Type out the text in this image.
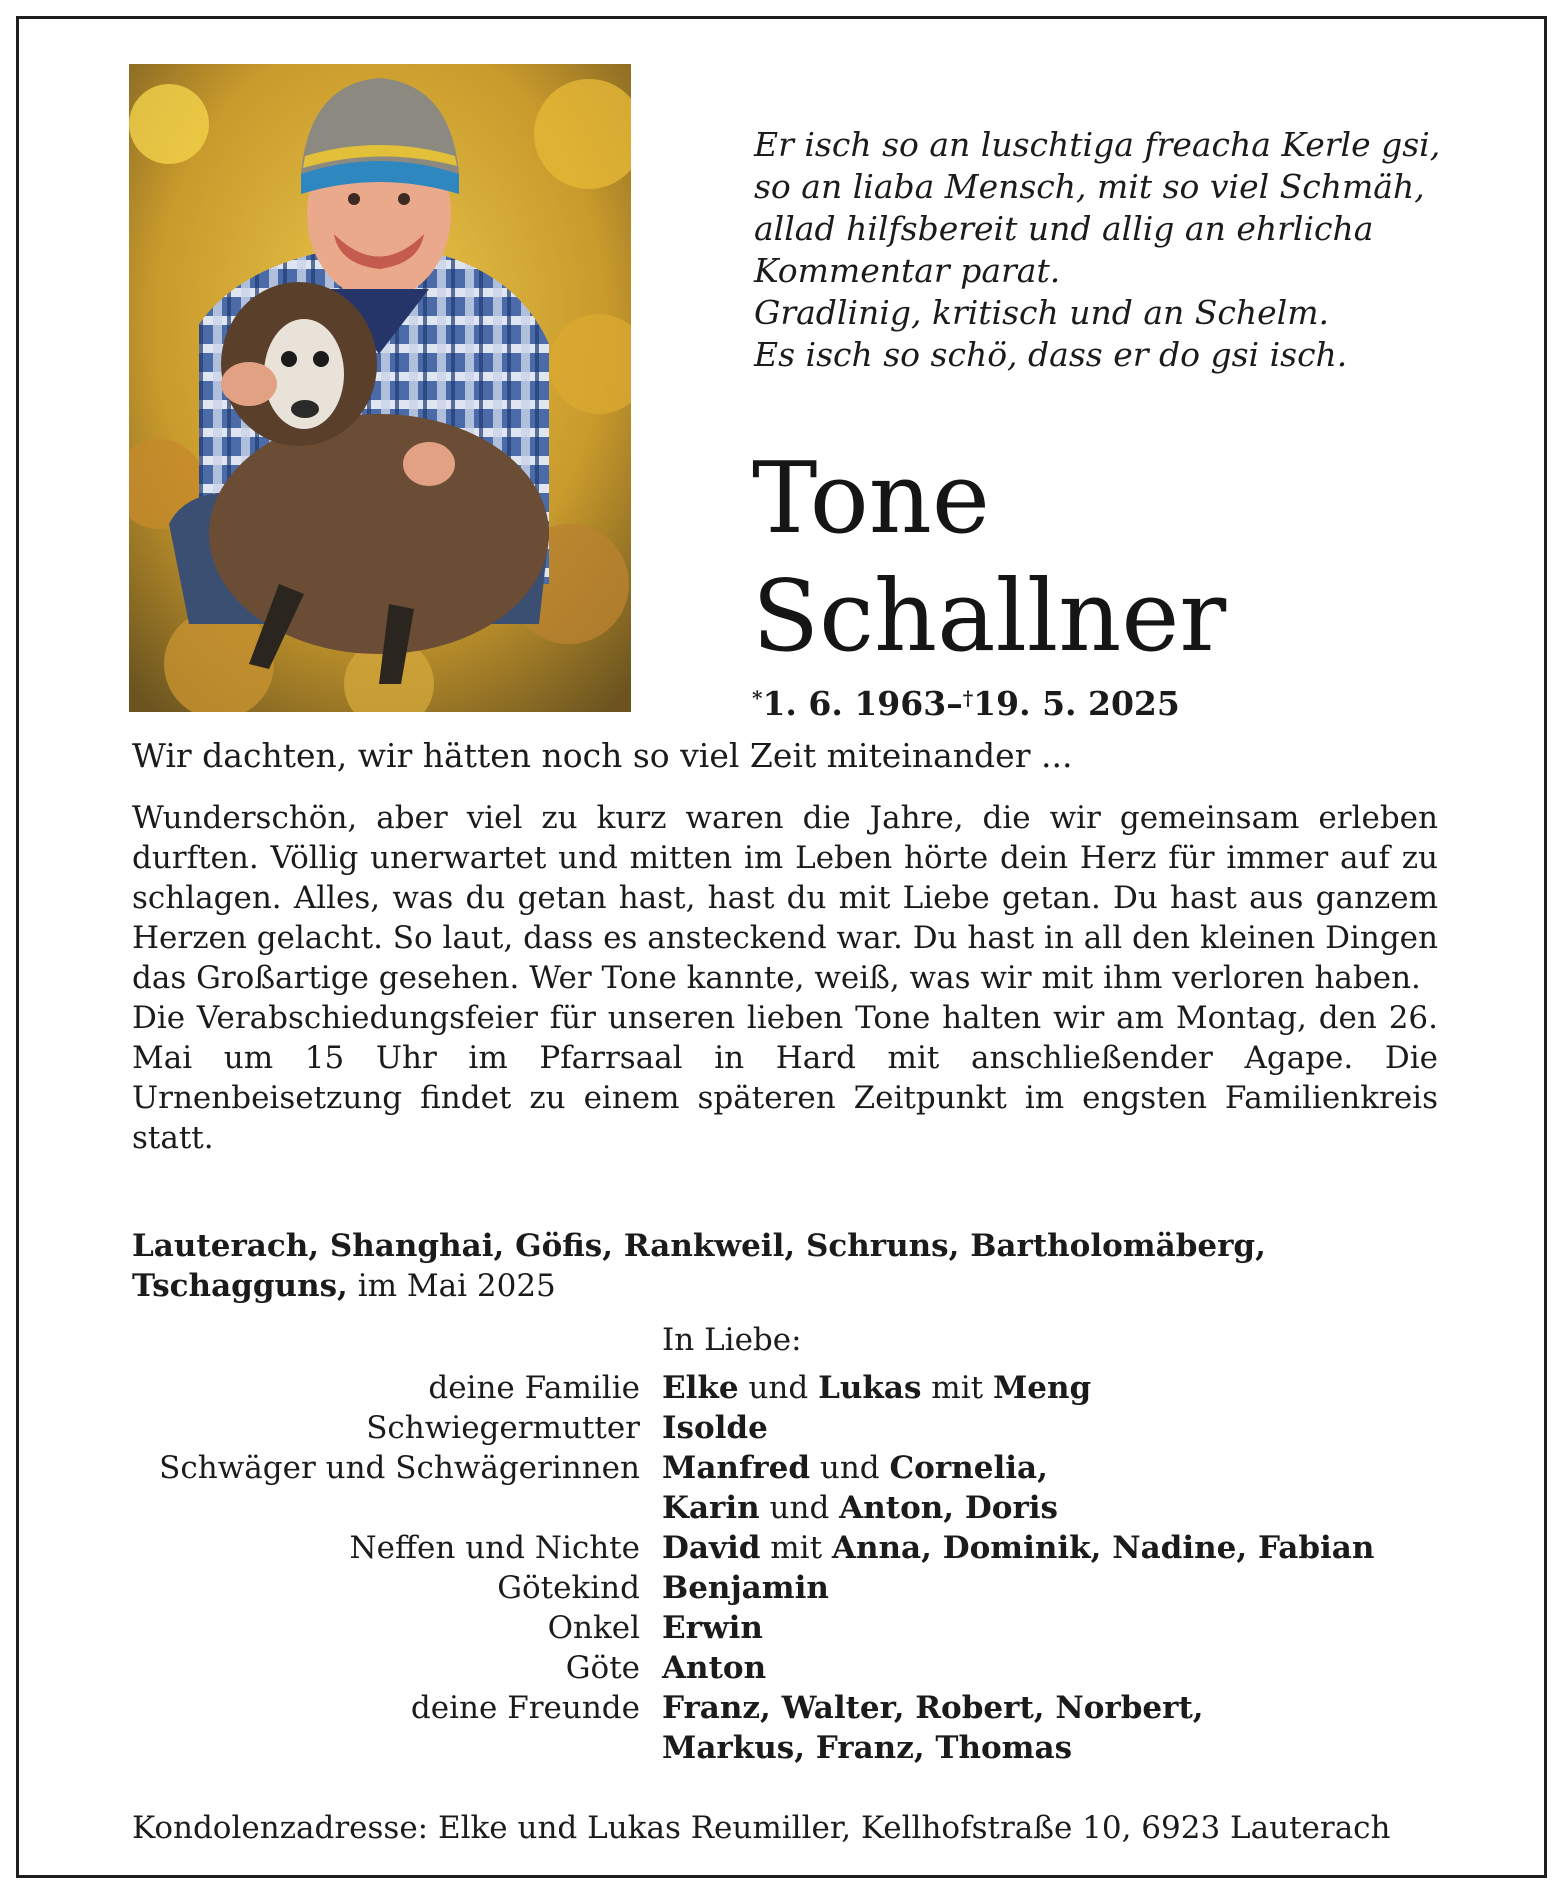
Er isch so an luschtiga freacha Kerle gsi,
so an liaba Mensch, mit so viel Schmäh,
allad hilfsbereit und allig an ehrlicha
Kommentar parat.
Gradlinig, kritisch und an Schelm.
Es isch so schö, dass er do gsi isch.
Tone
Schallner
*1. 6. 1963–†19. 5. 2025
Wir dachten, wir hätten noch so viel Zeit miteinander ...

Wunderschön, aber viel zu kurz waren die Jahre, die wir gemeinsam erleben durften. Völlig unerwartet und mitten im Leben hörte dein Herz für immer auf zu schlagen. Alles, was du getan hast, hast du mit Liebe getan. Du hast aus ganzem Herzen gelacht. So laut, dass es ansteckend war. Du hast in all den kleinen Dingen das Großartige gesehen. Wer Tone kannte, weiß, was wir mit ihm verloren haben.

Die Verabschiedungsfeier für unseren lieben Tone halten wir am Montag, den 26. Mai um 15 Uhr im Pfarrsaal in Hard mit anschließender Agape. Die Urnenbeisetzung findet zu einem späteren Zeitpunkt im engsten Familienkreis statt.

Lauterach, Shanghai, Göfis, Rankweil, Schruns, Bartholomäberg, Tschagguns, im Mai 2025
In Liebe:
deine Familie Elke und Lukas mit Meng
Schwiegermutter Isolde
Schwäger und Schwägerinnen Manfred und Cornelia,
Karin und Anton, Doris
Neffen und Nichte David mit Anna, Dominik, Nadine, Fabian
Götekind Benjamin
Onkel Erwin
Göte Anton
deine Freunde Franz, Walter, Robert, Norbert,
Markus, Franz, Thomas
Kondolenzadresse: Elke und Lukas Reumiller, Kellhofstraße 10, 6923 Lauterach
